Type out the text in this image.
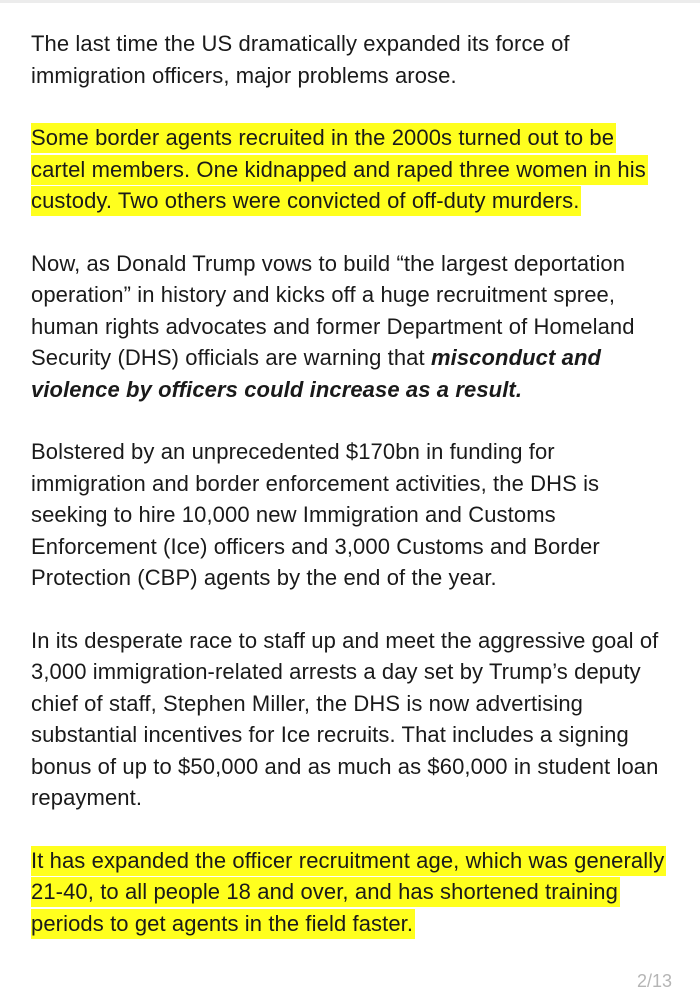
The last time the US dramatically expanded its force of immigration officers, major problems arose.

Some border agents recruited in the 2000s turned out to be cartel members. One kidnapped and raped three women in his custody. Two others were convicted of off-duty murders.

Now, as Donald Trump vows to build “the largest deportation operation” in history and kicks off a huge recruitment spree, human rights advocates and former Department of Homeland Security (DHS) officials are warning that misconduct and violence by officers could increase as a result.

Bolstered by an unprecedented $170bn in funding for immigration and border enforcement activities, the DHS is seeking to hire 10,000 new Immigration and Customs Enforcement (Ice) officers and 3,000 Customs and Border Protection (CBP) agents by the end of the year.

In its desperate race to staff up and meet the aggressive goal of 3,000 immigration-related arrests a day set by Trump’s deputy chief of staff, Stephen Miller, the DHS is now advertising substantial incentives for Ice recruits. That includes a signing bonus of up to $50,000 and as much as $60,000 in student loan repayment.

It has expanded the officer recruitment age, which was generally 21-40, to all people 18 and over, and has shortened training periods to get agents in the field faster.

2/13
